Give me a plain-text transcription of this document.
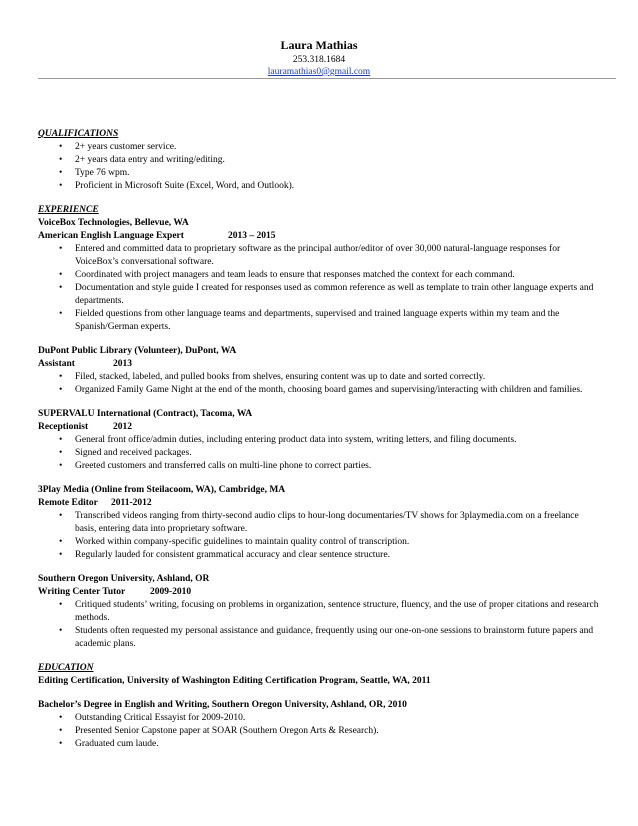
Laura Mathias
253.318.1684
lauramathias0@gmail.com
QUALIFICATIONS
• 2+ years customer service.
• 2+ years data entry and writing/editing.
• Type 76 wpm.
• Proficient in Microsoft Suite (Excel, Word, and Outlook).
EXPERIENCE
VoiceBox Technologies, Bellevue, WA
American English Language Expert	2013 – 2015
• Entered and committed data to proprietary software as the principal author/editor of over 30,000 natural-language responses for VoiceBox’s conversational software.
• Coordinated with project managers and team leads to ensure that responses matched the context for each command.
• Documentation and style guide I created for responses used as common reference as well as template to train other language experts and departments.
• Fielded questions from other language teams and departments, supervised and trained language experts within my team and the Spanish/German experts.
DuPont Public Library (Volunteer), DuPont, WA
Assistant	2013
• Filed, stacked, labeled, and pulled books from shelves, ensuring content was up to date and sorted correctly.
• Organized Family Game Night at the end of the month, choosing board games and supervising/interacting with children and families.
SUPERVALU International (Contract), Tacoma, WA
Receptionist	2012
• General front office/admin duties, including entering product data into system, writing letters, and filing documents.
• Signed and received packages.
• Greeted customers and transferred calls on multi-line phone to correct parties.
3Play Media (Online from Steilacoom, WA), Cambridge, MA
Remote Editor 2011-2012
• Transcribed videos ranging from thirty-second audio clips to hour-long documentaries/TV shows for 3playmedia.com on a freelance basis, entering data into proprietary software.
• Worked within company-specific guidelines to maintain quality control of transcription.
• Regularly lauded for consistent grammatical accuracy and clear sentence structure.
Southern Oregon University, Ashland, OR
Writing Center Tutor	2009-2010
• Critiqued students’ writing, focusing on problems in organization, sentence structure, fluency, and the use of proper citations and research methods.
• Students often requested my personal assistance and guidance, frequently using our one-on-one sessions to brainstorm future papers and academic plans.
EDUCATION
Editing Certification, University of Washington Editing Certification Program, Seattle, WA, 2011
Bachelor’s Degree in English and Writing, Southern Oregon University, Ashland, OR, 2010
• Outstanding Critical Essayist for 2009-2010.
• Presented Senior Capstone paper at SOAR (Southern Oregon Arts & Research).
• Graduated cum laude.
